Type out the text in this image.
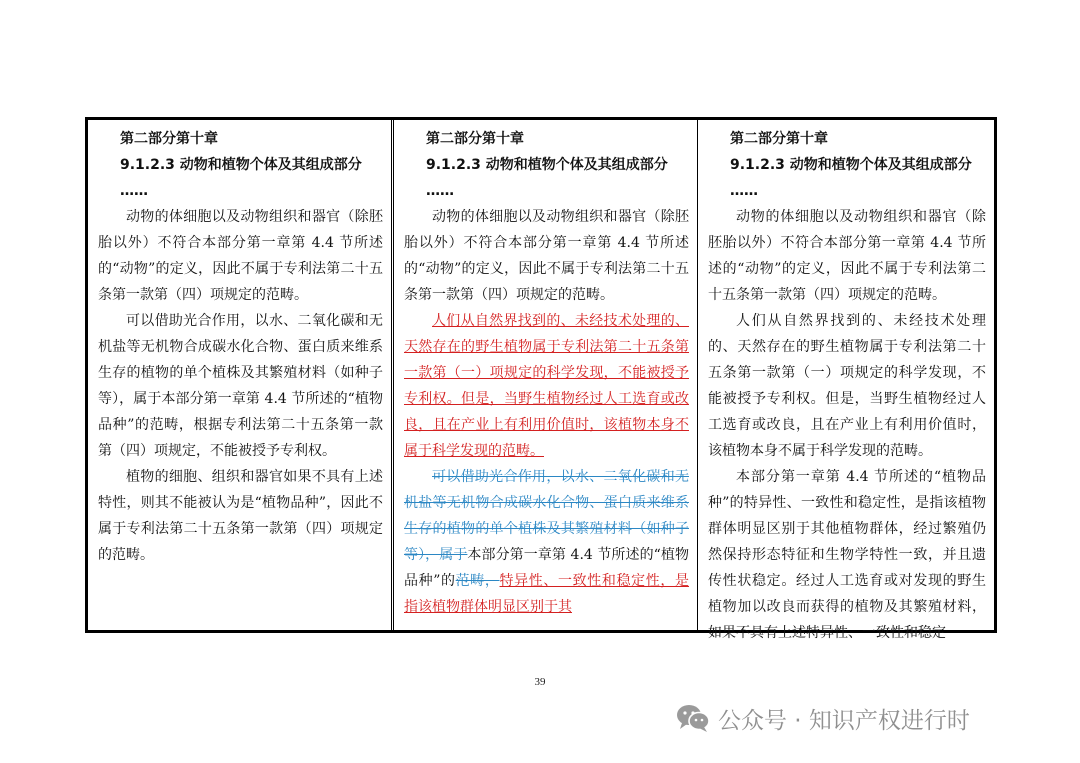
第二部分第十章
9.1.2.3 动物和植物个体及其组成部分
……

动物的体细胞以及动物组织和器官（除胚胎以外）不符合本部分第一章第 4.4 节所述的“动物”的定义，因此不属于专利法第二十五条第一款第（四）项规定的范畴。

可以借助光合作用，以水、二氧化碳和无机盐等无机物合成碳水化合物、蛋白质来维系生存的植物的单个植株及其繁殖材料（如种子等），属于本部分第一章第 4.4 节所述的“植物品种”的范畴，根据专利法第二十五条第一款第（四）项规定，不能被授予专利权。

植物的细胞、组织和器官如果不具有上述特性，则其不能被认为是“植物品种”，因此不属于专利法第二十五条第一款第（四）项规定的范畴。

第二部分第十章
9.1.2.3 动物和植物个体及其组成部分
……

动物的体细胞以及动物组织和器官（除胚胎以外）不符合本部分第一章第 4.4 节所述的“动物”的定义，因此不属于专利法第二十五条第一款第（四）项规定的范畴。

人们从自然界找到的、未经技术处理的、天然存在的野生植物属于专利法第二十五条第一款第（一）项规定的科学发现，不能被授予专利权。但是，当野生植物经过人工选育或改良，且在产业上有利用价值时，该植物本身不属于科学发现的范畴。

可以借助光合作用，以水、二氧化碳和无机盐等无机物合成碳水化合物、蛋白质来维系生存的植物的单个植株及其繁殖材料（如种子等），属于本部分第一章第 4.4 节所述的“植物品种”的范畴，特异性、一致性和稳定性，是指该植物群体明显区别于其

第二部分第十章
9.1.2.3 动物和植物个体及其组成部分
……

动物的体细胞以及动物组织和器官（除胚胎以外）不符合本部分第一章第 4.4 节所述的“动物”的定义，因此不属于专利法第二十五条第一款第（四）项规定的范畴。

人们从自然界找到的、未经技术处理的、天然存在的野生植物属于专利法第二十五条第一款第（一）项规定的科学发现，不能被授予专利权。但是，当野生植物经过人工选育或改良，且在产业上有利用价值时，该植物本身不属于科学发现的范畴。

本部分第一章第 4.4 节所述的“植物品种”的特异性、一致性和稳定性，是指该植物群体明显区别于其他植物群体，经过繁殖仍然保持形态特征和生物学特性一致，并且遗传性状稳定。经过人工选育或对发现的野生植物加以改良而获得的植物及其繁殖材料，如果不具有上述特异性、一致性和稳定

39
公众号 · 知识产权进行时
